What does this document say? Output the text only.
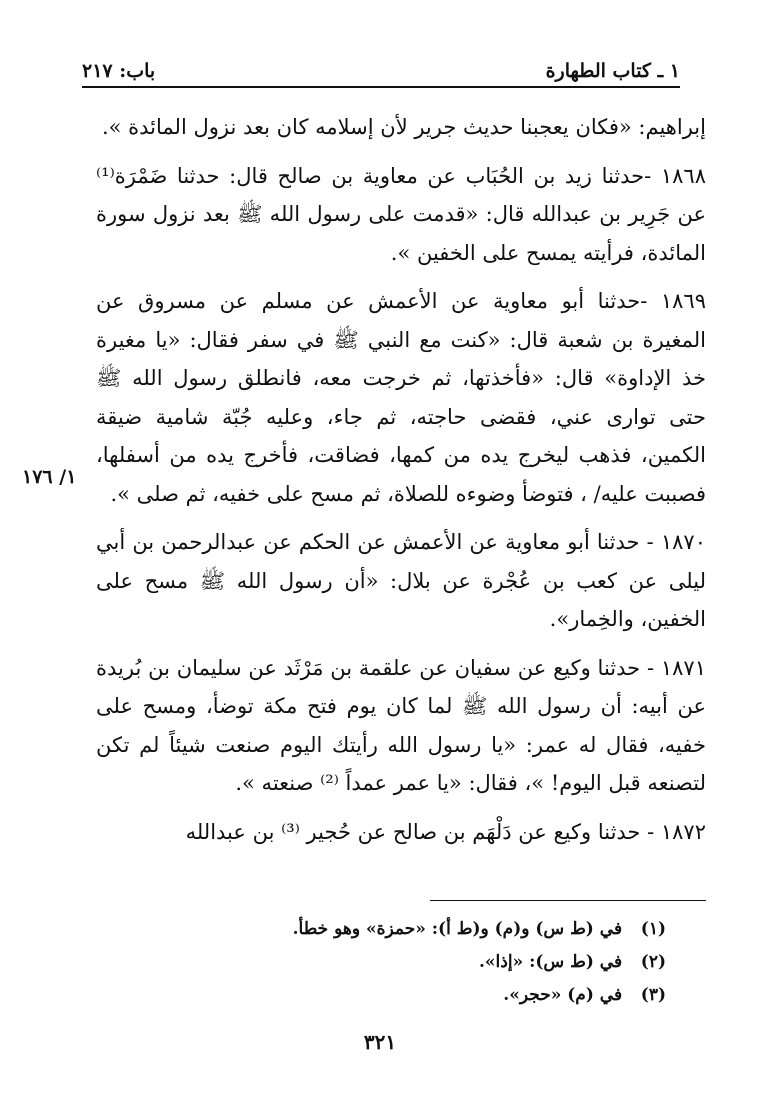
١ ـ كتاب الطهارة
باب: ٢١٧

إبراهيم: «فكان يعجبنا حديث جرير لأن إسلامه كان بعد نزول المائدة ».

١٨٦٨ -حدثنا زيد بن الحُبَاب عن معاوية بن صالح قال: حدثنا ضَمْرَة⁽¹⁾ عن جَرِير بن عبدالله قال: «قدمت على رسول الله ﷺ بعد نزول سورة المائدة، فرأيته يمسح على الخفين ».

١٨٦٩ -حدثنا أبو معاوية عن الأعمش عن مسلم عن مسروق عن المغيرة بن شعبة قال: «كنت مع النبي ﷺ في سفر فقال: «يا مغيرة خذ الإداوة» قال: «فأخذتها، ثم خرجت معه، فانطلق رسول الله ﷺ حتى توارى عني، فقضى حاجته، ثم جاء، وعليه جُبّة شامية ضيقة الكمين، فذهب ليخرج يده من كمها، فضاقت، فأخرج يده من أسفلها، فصببت عليه/ ، فتوضأ وضوءه للصلاة، ثم مسح على خفيه، ثم صلى ».

١٨٧٠ - حدثنا أبو معاوية عن الأعمش عن الحكم عن عبدالرحمن بن أبي ليلى عن كعب بن عُجْرة عن بلال: «أن رسول الله ﷺ مسح على الخفين، والخِمار».

١٨٧١ - حدثنا وكيع عن سفيان عن علقمة بن مَرْثَد عن سليمان بن بُريدة عن أبيه: أن رسول الله ﷺ لما كان يوم فتح مكة توضأ، ومسح على خفيه، فقال له عمر: «يا رسول الله رأيتك اليوم صنعت شيئاً لم تكن لتصنعه قبل اليوم! »، فقال: «يا عمر عمداً ⁽²⁾ صنعته ».

١٨٧٢ - حدثنا وكيع عن دَلْهَم بن صالح عن حُجير ⁽³⁾ بن عبدالله

١/ ١٧٦
(١) في (ط س) و(م) و(ط أ): «حمزة» وهو خطأ.
(٢) في (ط س): «إذا».
(٣) في (م) «حجر».
٣٢١
